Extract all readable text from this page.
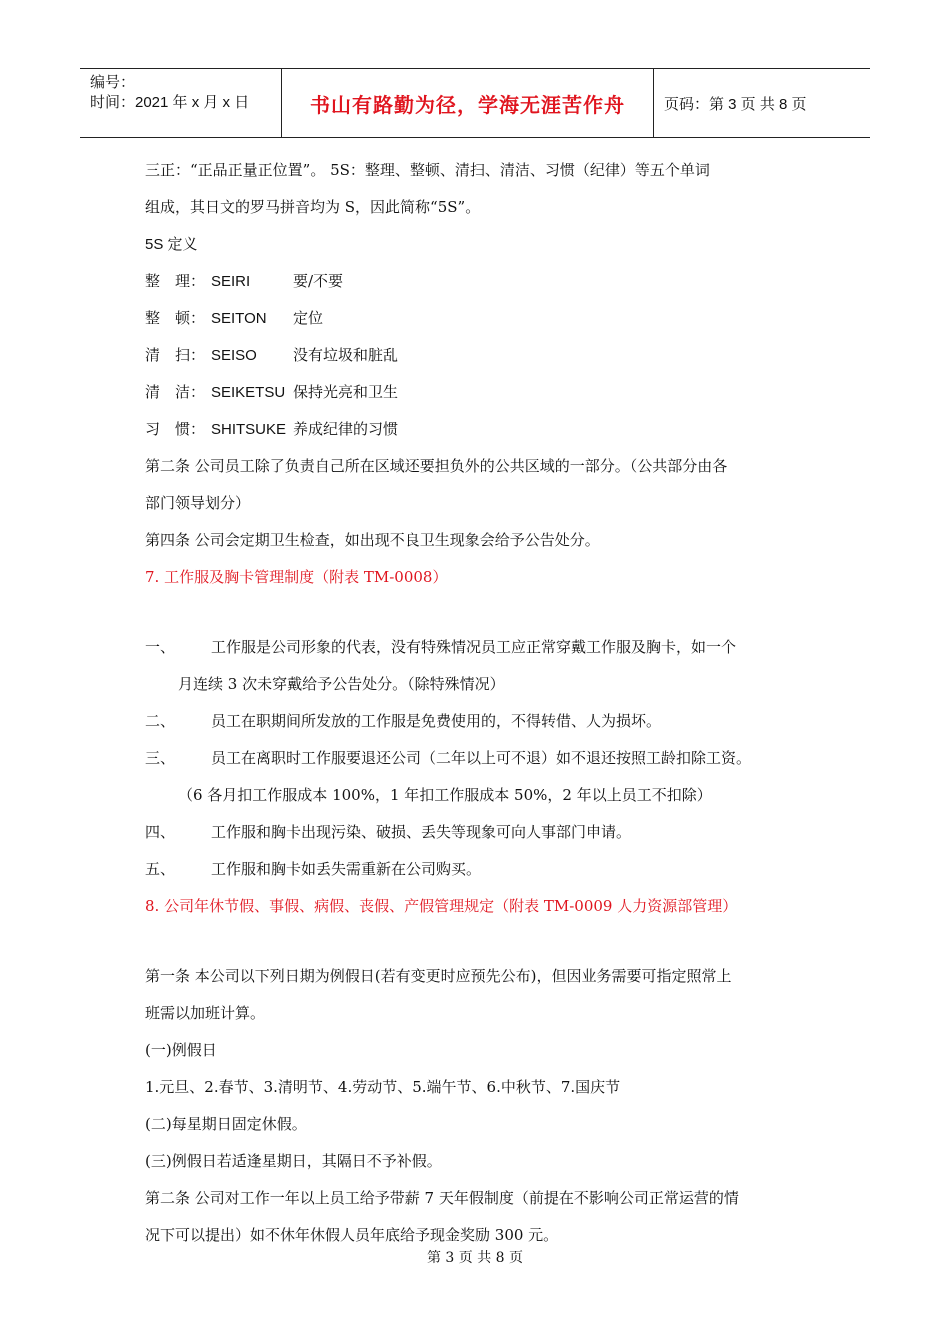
编号：
时间：2021 年 x 月 x 日	书山有路勤为径，学海无涯苦作舟	页码：第 3 页 共 8 页
三正：“正品正量正位置”。 5S：整理、整顿、清扫、清洁、习惯（纪律）等五个单词
组成，其日文的罗马拼音均为 S，因此简称“5S”。
5S 定义
整　理： SEIRI	要/不要
整　顿： SEITON 定位
清　扫： SEISO 没有垃圾和脏乱
清　洁： SEIKETSU 保持光亮和卫生
习　惯： SHITSUKE 养成纪律的习惯
第二条 公司员工除了负责自己所在区域还要担负外的公共区域的一部分。（公共部分由各
部门领导划分）
第四条 公司会定期卫生检查，如出现不良卫生现象会给予公告处分。
7. 工作服及胸卡管理制度（附表 TM-0008）
一、 工作服是公司形象的代表，没有特殊情况员工应正常穿戴工作服及胸卡，如一个
月连续 3 次未穿戴给予公告处分。（除特殊情况）
二、 员工在职期间所发放的工作服是免费使用的，不得转借、人为损坏。
三、 员工在离职时工作服要退还公司（二年以上可不退）如不退还按照工龄扣除工资。
（6 各月扣工作服成本 100%，1 年扣工作服成本 50%，2 年以上员工不扣除）
四、 工作服和胸卡出现污染、破损、丢失等现象可向人事部门申请。
五、 工作服和胸卡如丢失需重新在公司购买。
8. 公司年休节假、事假、病假、丧假、产假管理规定（附表 TM-0009 人力资源部管理）
第一条 本公司以下列日期为例假日(若有变更时应预先公布)，但因业务需要可指定照常上
班需以加班计算。
(一)例假日
1.元旦、2.春节、3.清明节、4.劳动节、5.端午节、6.中秋节、7.国庆节
(二)每星期日固定休假。
(三)例假日若适逢星期日，其隔日不予补假。
第二条 公司对工作一年以上员工给予带薪 7 天年假制度（前提在不影响公司正常运营的情
况下可以提出）如不休年休假人员年底给予现金奖励 300 元。
第 3 页 共 8 页
